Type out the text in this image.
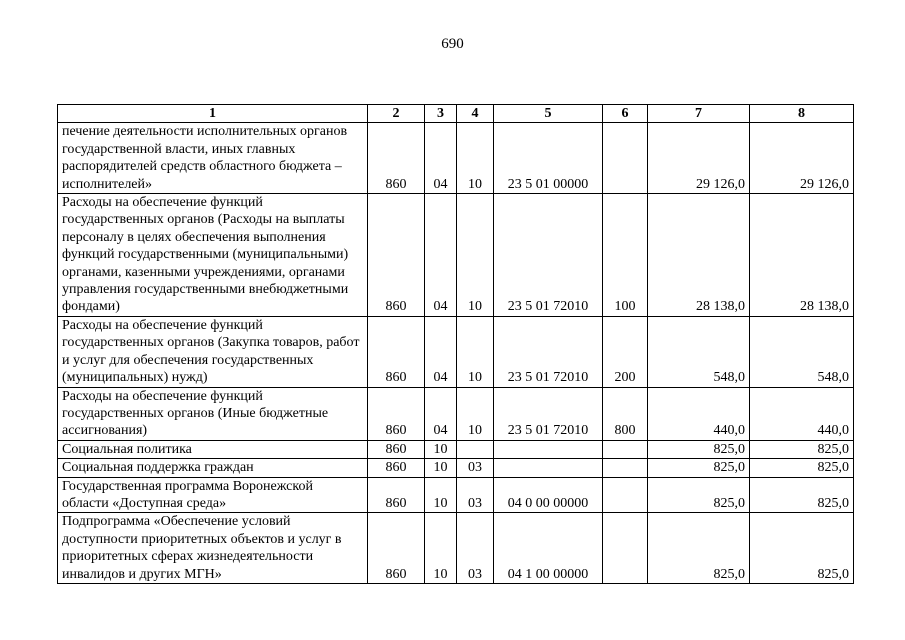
690
1	2	3	4	5	6	7	8
печение деятельности исполнительных органов государственной власти, иных главных распорядителей средств областного бюджета – исполнителей»	860	04	10	23 5 01 00000		29 126,0	29 126,0
Расходы на обеспечение функций государственных органов (Расходы на выплаты персоналу в целях обеспечения выполнения функций государственными (муниципальными) органами, казенными учреждениями, органами управления государственными внебюджетными фондами)	860	04	10	23 5 01 72010	100	28 138,0	28 138,0
Расходы на обеспечение функций государственных органов (Закупка товаров, работ и услуг для обеспечения государственных (муниципальных) нужд)	860	04	10	23 5 01 72010	200	548,0	548,0
Расходы на обеспечение функций государственных органов (Иные бюджетные ассигнования)	860	04	10	23 5 01 72010	800	440,0	440,0
Социальная политика	860	10				825,0	825,0
Социальная поддержка граждан	860	10	03			825,0	825,0
Государственная программа Воронежской области «Доступная среда»	860	10	03	04 0 00 00000		825,0	825,0
Подпрограмма «Обеспечение условий доступности приоритетных объектов и услуг в приоритетных сферах жизнедеятельности инвалидов и других МГН»	860	10	03	04 1 00 00000		825,0	825,0
